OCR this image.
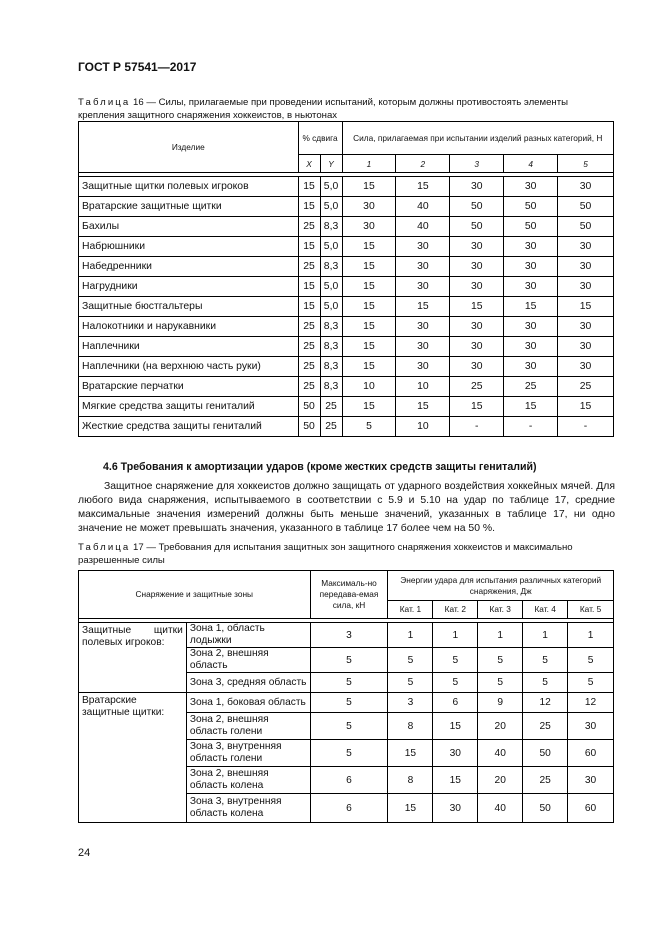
ГОСТ Р 57541—2017
Таблица 16 — Силы, прилагаемые при проведении испытаний, которым должны противостоять элементы крепления защитного снаряжения хоккеистов, в ньютонах
Изделие	% сдвига		Сила, прилагаемая при испытании изделий разных категорий, Н				
	X	Y	1	2	3	4	5

Защитные щитки полевых игроков	15	5,0	15	15	30	30	30
Вратарские защитные щитки	15	5,0	30	40	50	50	50
Бахилы	25	8,3	30	40	50	50	50
Набрюшники	15	5,0	15	30	30	30	30
Набедренники	25	8,3	15	30	30	30	30
Нагрудники	15	5,0	15	30	30	30	30
Защитные бюстгальтеры	15	5,0	15	15	15	15	15
Налокотники и нарукавники	25	8,3	15	30	30	30	30
Наплечники	25	8,3	15	30	30	30	30
Наплечники (на верхнюю часть руки)	25	8,3	15	30	30	30	30
Вратарские перчатки	25	8,3	10	10	25	25	25
Мягкие средства защиты гениталий	50	25	15	15	15	15	15
Жесткие средства защиты гениталий	50	25	5	10	-	-	-
4.6 Требования к амортизации ударов (кроме жестких средств защиты гениталий)

Защитное снаряжение для хоккеистов должно защищать от ударного воздействия хоккейных мячей. Для любого вида снаряжения, испытываемого в соответствии с 5.9 и 5.10 на удар по таблице 17, средние максимальные значения измерений должны быть меньше значений, указанных в таблице 17, ни одно значение не может превышать значения, указанного в таблице 17 более чем на 50 %.

Таблица 17 — Требования для испытания защитных зон защитного снаряжения хоккеистов и максимально разрешенные силы
Снаряжение и защитные зоны		Максималь-но передава-емая сила, кН	Энергии удара для испытания различных категорий снаряжения, Дж				
			Кат. 1	Кат. 2	Кат. 3	Кат. 4	Кат. 5

Защитные щитки полевых игроков:	Зона 1, область лодыжки	3	1	1	1	1	1
	Зона 2, внешняя область	5	5	5	5	5	5
	Зона 3, средняя область	5	5	5	5	5	5
Вратарские защитные щитки:	Зона 1, боковая область	5	3	6	9	12	12
	Зона 2, внешняя область голени	5	8	15	20	25	30
	Зона 3, внутренняя область голени	5	15	30	40	50	60
	Зона 2, внешняя область колена	6	8	15	20	25	30
	Зона 3, внутренняя область колена	6	15	30	40	50	60
24
